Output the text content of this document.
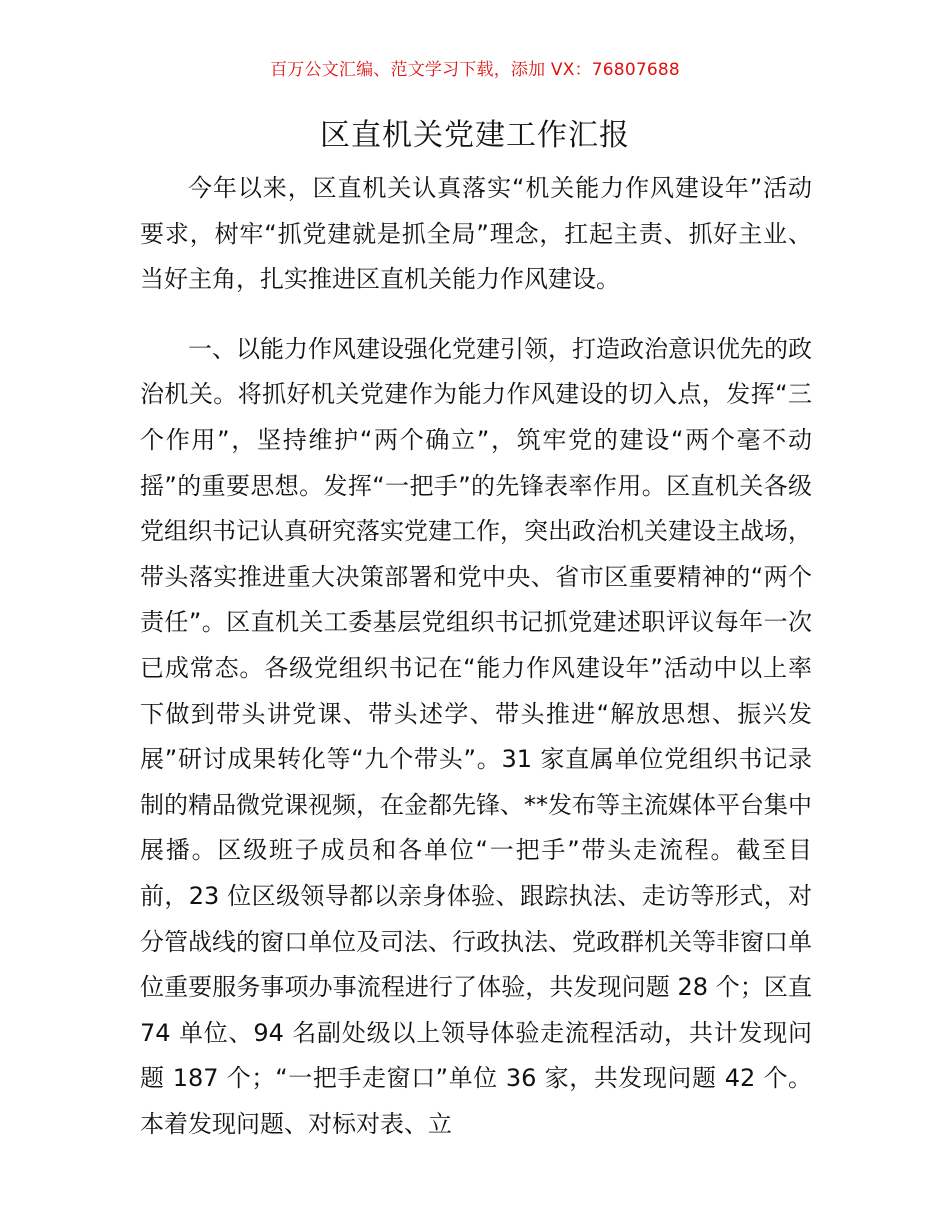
百万公文汇编、范文学习下载，添加 VX：76807688
区直机关党建工作汇报

今年以来，区直机关认真落实“机关能力作风建设年”活动要求，树牢“抓党建就是抓全局”理念，扛起主责、抓好主业、当好主角，扎实推进区直机关能力作风建设。

一、以能力作风建设强化党建引领，打造政治意识优先的政治机关。将抓好机关党建作为能力作风建设的切入点，发挥“三个作用”，坚持维护“两个确立”，筑牢党的建设“两个毫不动摇”的重要思想。发挥“一把手”的先锋表率作用。区直机关各级党组织书记认真研究落实党建工作，突出政治机关建设主战场，带头落实推进重大决策部署和党中央、省市区重要精神的“两个责任”。区直机关工委基层党组织书记抓党建述职评议每年一次已成常态。各级党组织书记在“能力作风建设年”活动中以上率下做到带头讲党课、带头述学、带头推进“解放思想、振兴发展”研讨成果转化等“九个带头”。31 家直属单位党组织书记录制的精品微党课视频，在金都先锋、**发布等主流媒体平台集中展播。区级班子成员和各单位“一把手”带头走流程。截至目前，23 位区级领导都以亲身体验、跟踪执法、走访等形式，对分管战线的窗口单位及司法、行政执法、党政群机关等非窗口单位重要服务事项办事流程进行了体验，共发现问题 28 个；区直 74 单位、94 名副处级以上领导体验走流程活动，共计发现问题 187 个；“一把手走窗口”单位 36 家，共发现问题 42 个。本着发现问题、对标对表、立
